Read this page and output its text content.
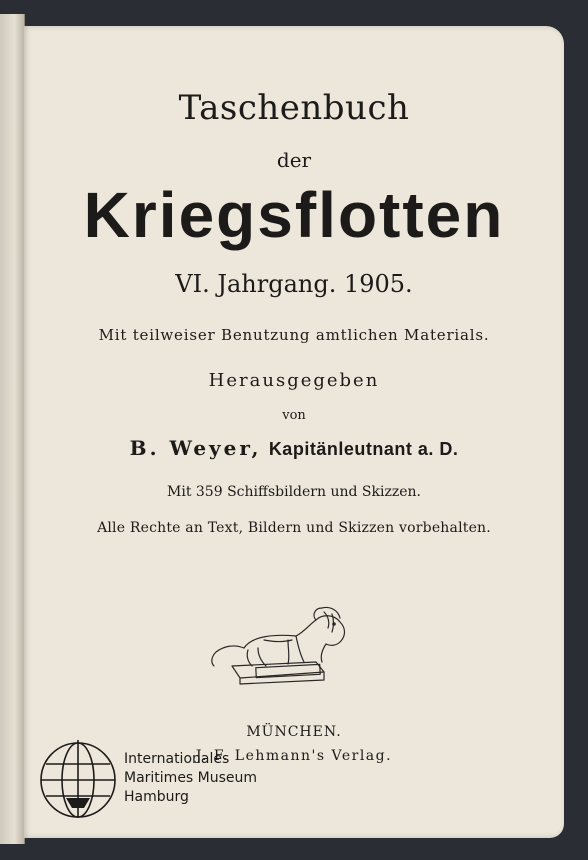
Taschenbuch
der
Kriegsflotten
VI. Jahrgang. 1905.
Mit teilweiser Benutzung amtlichen Materials.
Herausgegeben
von
B. Weyer, Kapitänleutnant a. D.
Mit 359 Schiffsbildern und Skizzen.
Alle Rechte an Text, Bildern und Skizzen vorbehalten.
MÜNCHEN.
J. F. Lehmann's Verlag.
Internationales
Maritimes Museum
Hamburg
